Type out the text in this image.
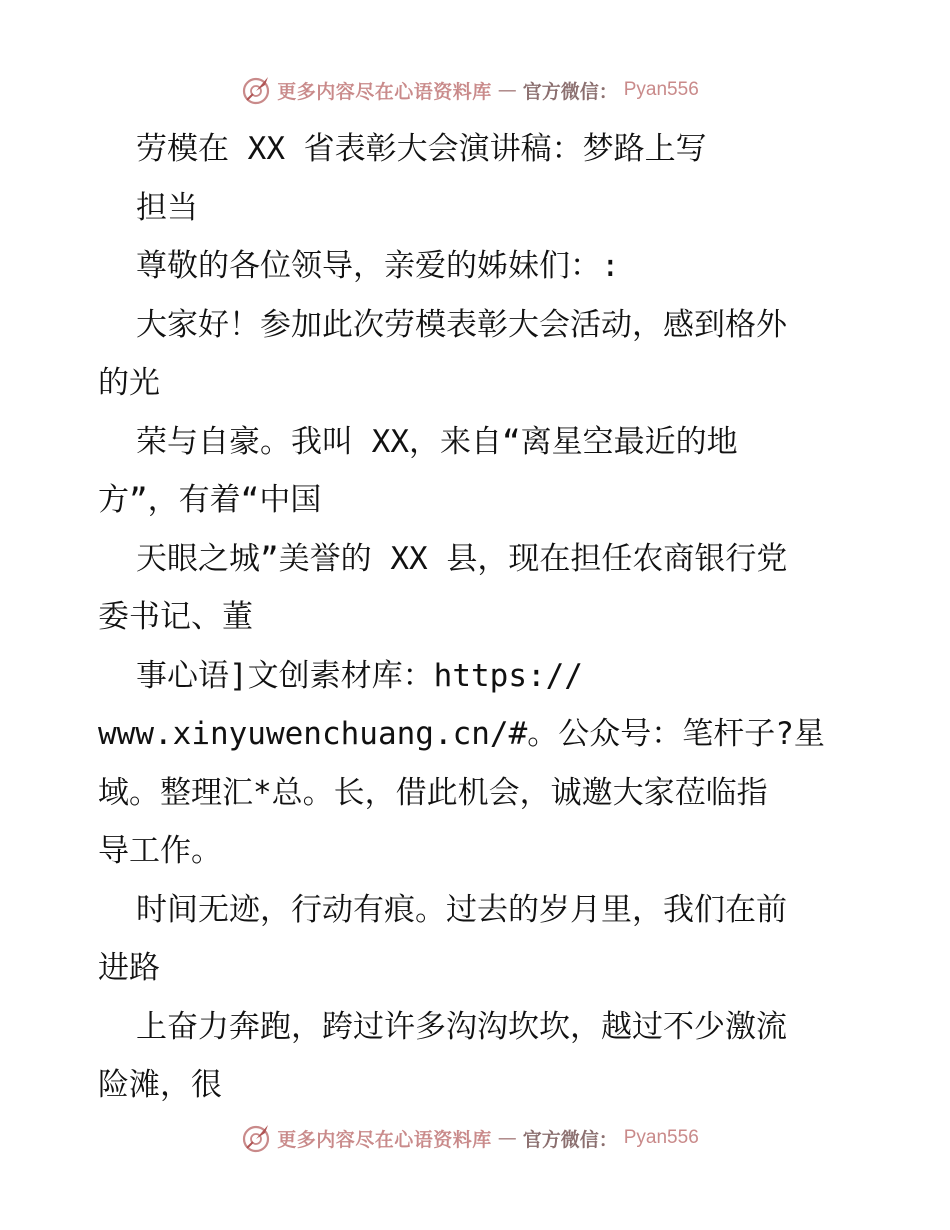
更多内容尽在心语资料库 — 官方微信： Pyan556
劳模在 XX 省表彰大会演讲稿：梦路上写
担当
尊敬的各位领导，亲爱的姊妹们：:
大家好！参加此次劳模表彰大会活动，感到格外
的光
荣与自豪。我叫 XX，来自“离星空最近的地
方”，有着“中国
天眼之城”美誉的 XX 县，现在担任农商银行党
委书记、董
事心语]文创素材库：https://
www.xinyuwenchuang.cn/#。公众号：笔杆子?星
域。整理汇*总。长，借此机会，诚邀大家莅临指
导工作。
时间无迹，行动有痕。过去的岁月里，我们在前
进路
上奋力奔跑，跨过许多沟沟坎坎，越过不少激流
险滩，很
更多内容尽在心语资料库 — 官方微信： Pyan556
